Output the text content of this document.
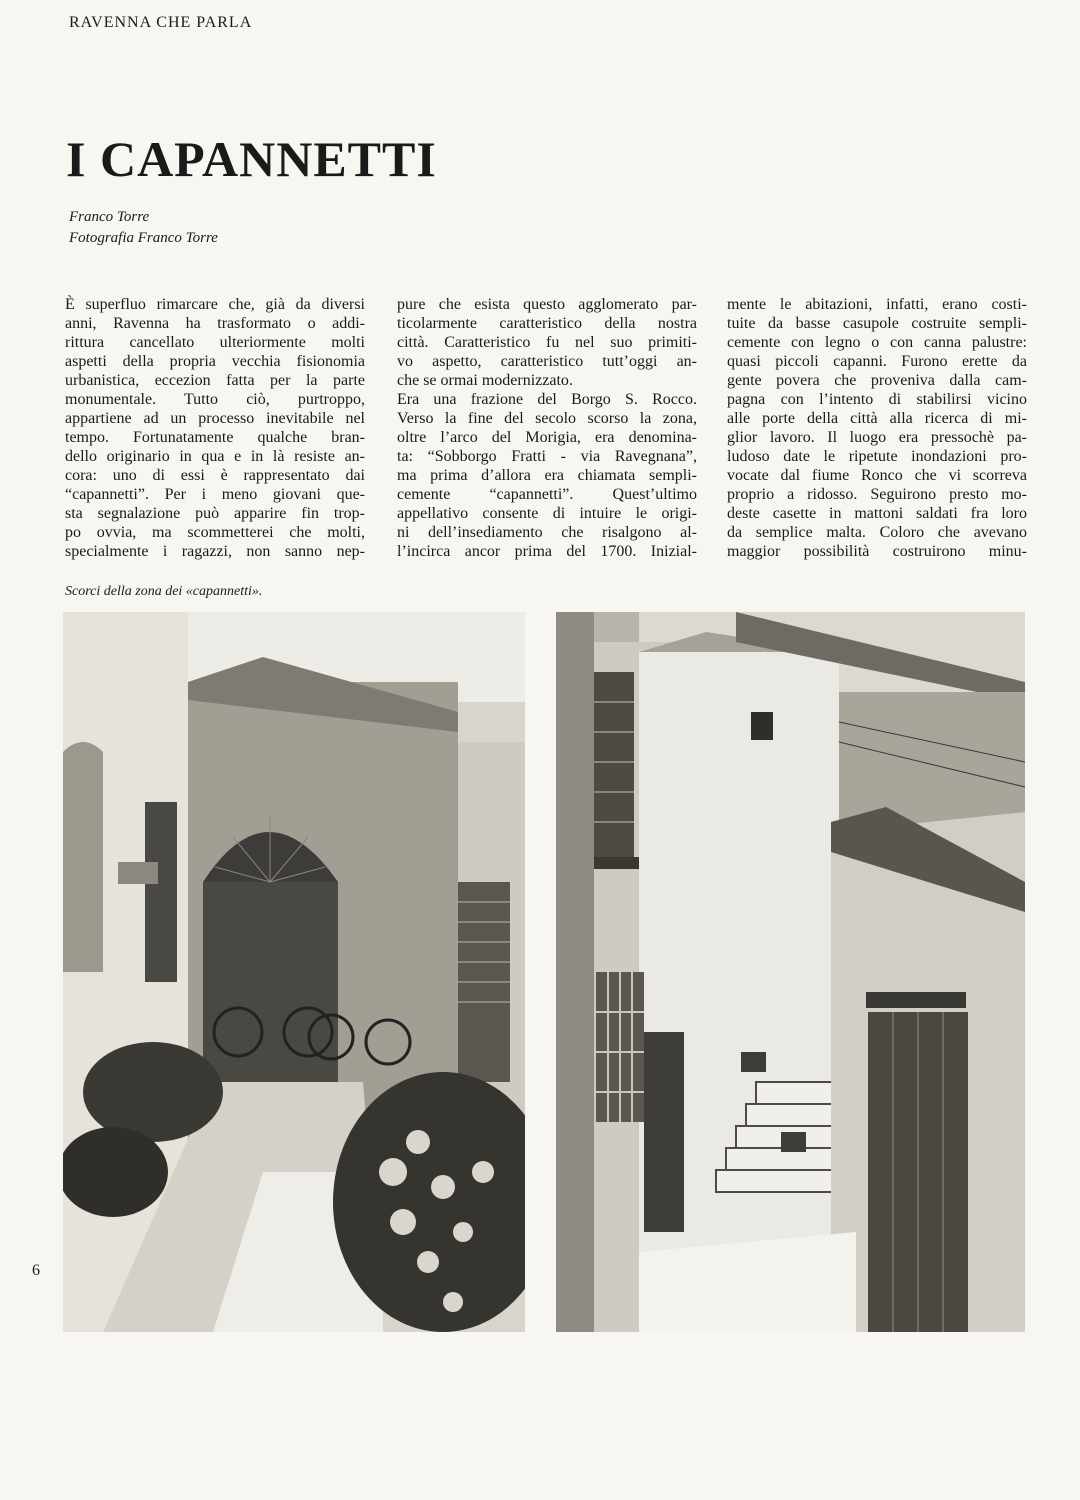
RAVENNA CHE PARLA
I CAPANNETTI
Franco Torre
Fotografia Franco Torre
È superfluo rimarcare che, già da diversi
anni, Ravenna ha trasformato o addi-
rittura cancellato ulteriormente molti
aspetti della propria vecchia fisionomia
urbanistica, eccezion fatta per la parte
monumentale. Tutto ciò, purtroppo,
appartiene ad un processo inevitabile nel
tempo. Fortunatamente qualche bran-
dello originario in qua e in là resiste an-
cora: uno di essi è rappresentato dai
“capannetti”. Per i meno giovani que-
sta segnalazione può apparire fin trop-
po ovvia, ma scommetterei che molti,
specialmente i ragazzi, non sanno nep-
pure che esista questo agglomerato par-
ticolarmente caratteristico della nostra
città. Caratteristico fu nel suo primiti-
vo aspetto, caratteristico tutt’oggi an-
che se ormai modernizzato.
Era una frazione del Borgo S. Rocco.
Verso la fine del secolo scorso la zona,
oltre l’arco del Morigia, era denomina-
ta: “Sobborgo Fratti - via Ravegnana”,
ma prima d’allora era chiamata sempli-
cemente “capannetti”. Quest’ultimo
appellativo consente di intuire le origi-
ni dell’insediamento che risalgono al-
l’incirca ancor prima del 1700. Inizial-
mente le abitazioni, infatti, erano costi-
tuite da basse casupole costruite sempli-
cemente con legno o con canna palustre:
quasi piccoli capanni. Furono erette da
gente povera che proveniva dalla cam-
pagna con l’intento di stabilirsi vicino
alle porte della città alla ricerca di mi-
glior lavoro. Il luogo era pressochè pa-
ludoso date le ripetute inondazioni pro-
vocate dal fiume Ronco che vi scorreva
proprio a ridosso. Seguirono presto mo-
deste casette in mattoni saldati fra loro
da semplice malta. Coloro che avevano
maggior possibilità costruirono minu-
Scorci della zona dei «capannetti».
6
